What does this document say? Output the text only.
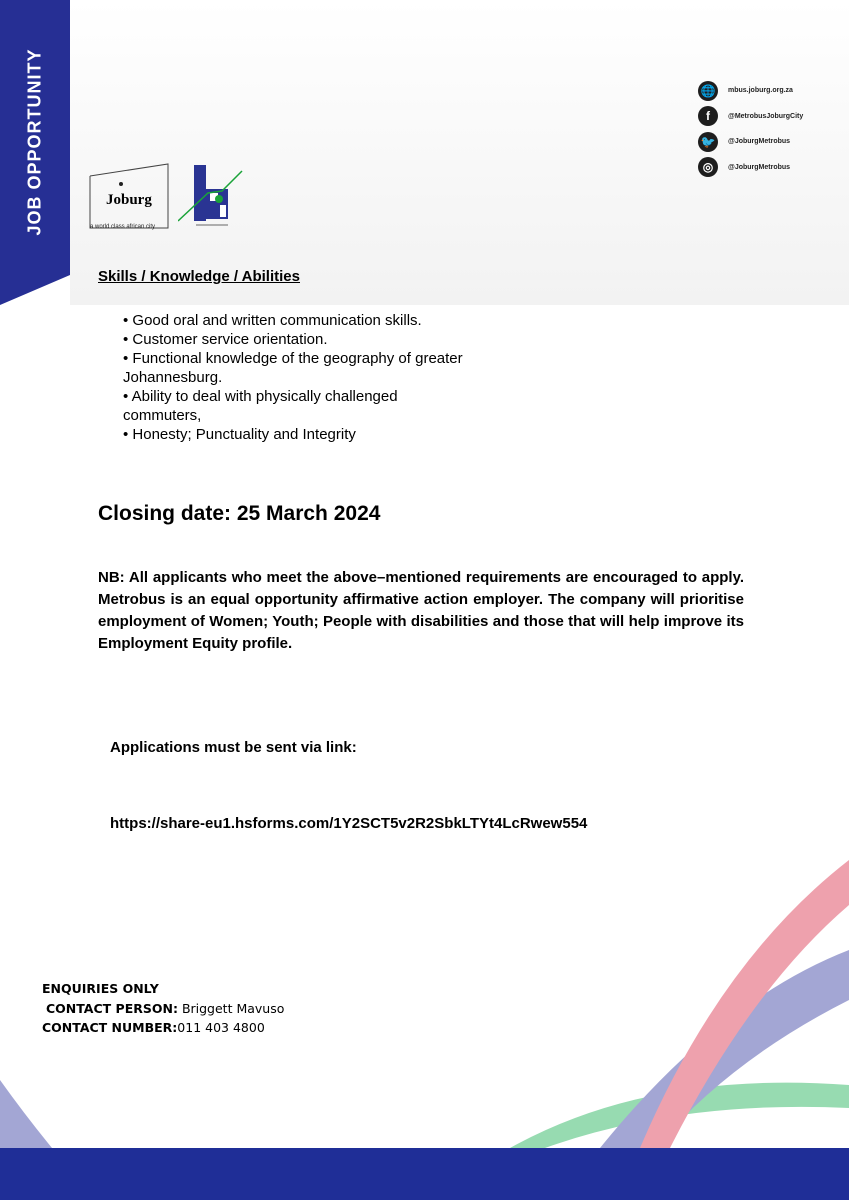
JOB OPPORTUNITY	🌐	mbus.joburg.org.za
f	@MetrobusJoburgCity
🐦	@JoburgMetrobus
◎	@JoburgMetrobus
Joburg
a world class african city
Skills / Knowledge / Abilities
• Good oral and written communication skills.
• Customer service orientation.
• Functional knowledge of the geography of greater Johannesburg.
• Ability to deal with physically challenged commuters,
• Honesty; Punctuality and Integrity
Closing date: 25 March 2024
NB: All applicants who meet the above–mentioned requirements are encouraged to apply. Metrobus is an equal opportunity affirmative action employer. The company will prioritise employment of Women; Youth; People with disabilities and those that will help improve its Employment Equity profile.
Applications must be sent via link:
https://share-eu1.hsforms.com/1Y2SCT5v2R2SbkLTYt4LcRwew554
ENQUIRIES ONLY
CONTACT PERSON: Briggett Mavuso
CONTACT NUMBER:011 403 4800
